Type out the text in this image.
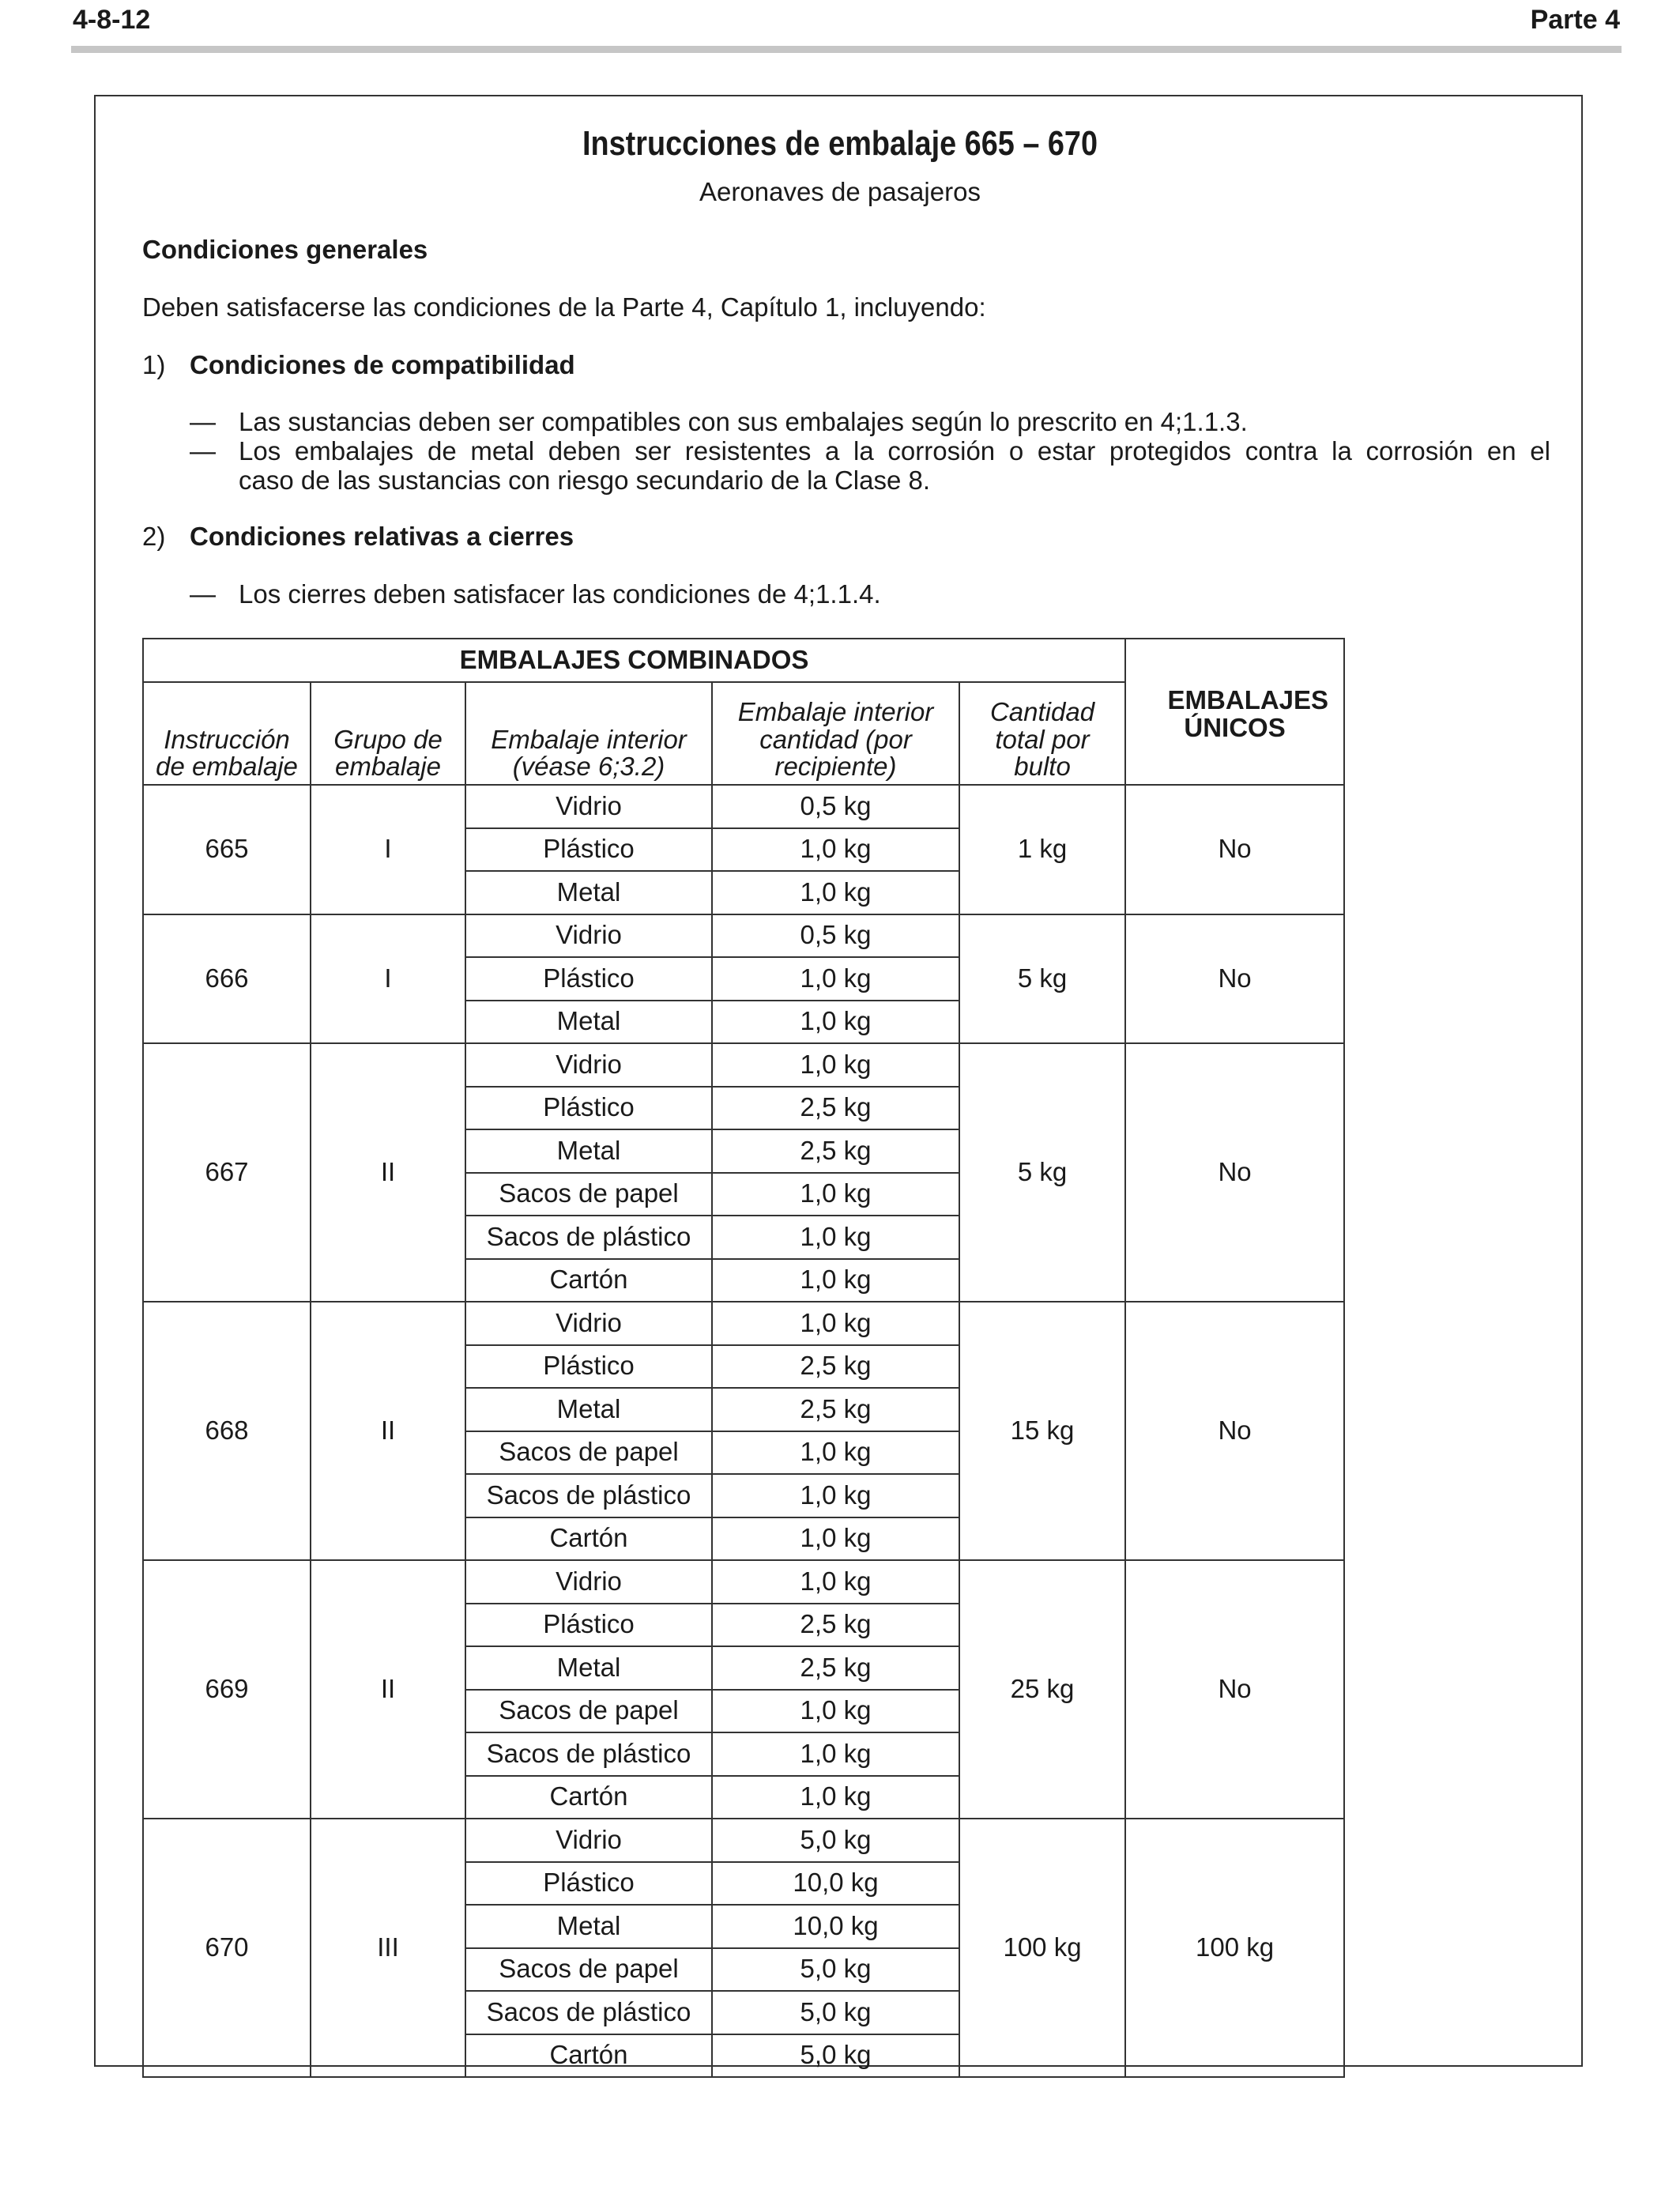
4-8-12	Parte 4
Instrucciones de embalaje 665 – 670
Aeronaves de pasajeros
Condiciones generales
Deben satisfacerse las condiciones de la Parte 4, Capítulo 1, incluyendo:
1) Condiciones de compatibilidad
— Las sustancias deben ser compatibles con sus embalajes según lo prescrito en 4;1.1.3.
— Los embalajes de metal deben ser resistentes a la corrosión o estar protegidos contra la corrosión en el
caso de las sustancias con riesgo secundario de la Clase 8.
2) Condiciones relativas a cierres
— Los cierres deben satisfacer las condiciones de 4;1.1.4.
EMBALAJES COMBINADOS					EMBALAJES ÚNICOS
Instrucción de embalaje	Grupo de embalaje	Embalaje interior (véase 6;3.2)	Embalaje interior cantidad (por recipiente)	Cantidad total por bulto	
665	I	Vidrio	0,5 kg	1 kg	No
		Plástico	1,0 kg		
		Metal	1,0 kg		
666	I	Vidrio	0,5 kg	5 kg	No
		Plástico	1,0 kg		
		Metal	1,0 kg		
667	II	Vidrio	1,0 kg	5 kg	No
		Plástico	2,5 kg		
		Metal	2,5 kg		
		Sacos de papel	1,0 kg		
		Sacos de plástico	1,0 kg		
		Cartón	1,0 kg		
668	II	Vidrio	1,0 kg	15 kg	No
		Plástico	2,5 kg		
		Metal	2,5 kg		
		Sacos de papel	1,0 kg		
		Sacos de plástico	1,0 kg		
		Cartón	1,0 kg		
669	II	Vidrio	1,0 kg	25 kg	No
		Plástico	2,5 kg		
		Metal	2,5 kg		
		Sacos de papel	1,0 kg		
		Sacos de plástico	1,0 kg		
		Cartón	1,0 kg		
670	III	Vidrio	5,0 kg	100 kg	100 kg
		Plástico	10,0 kg		
		Metal	10,0 kg		
		Sacos de papel	5,0 kg		
		Sacos de plástico	5,0 kg		
		Cartón	5,0 kg		
